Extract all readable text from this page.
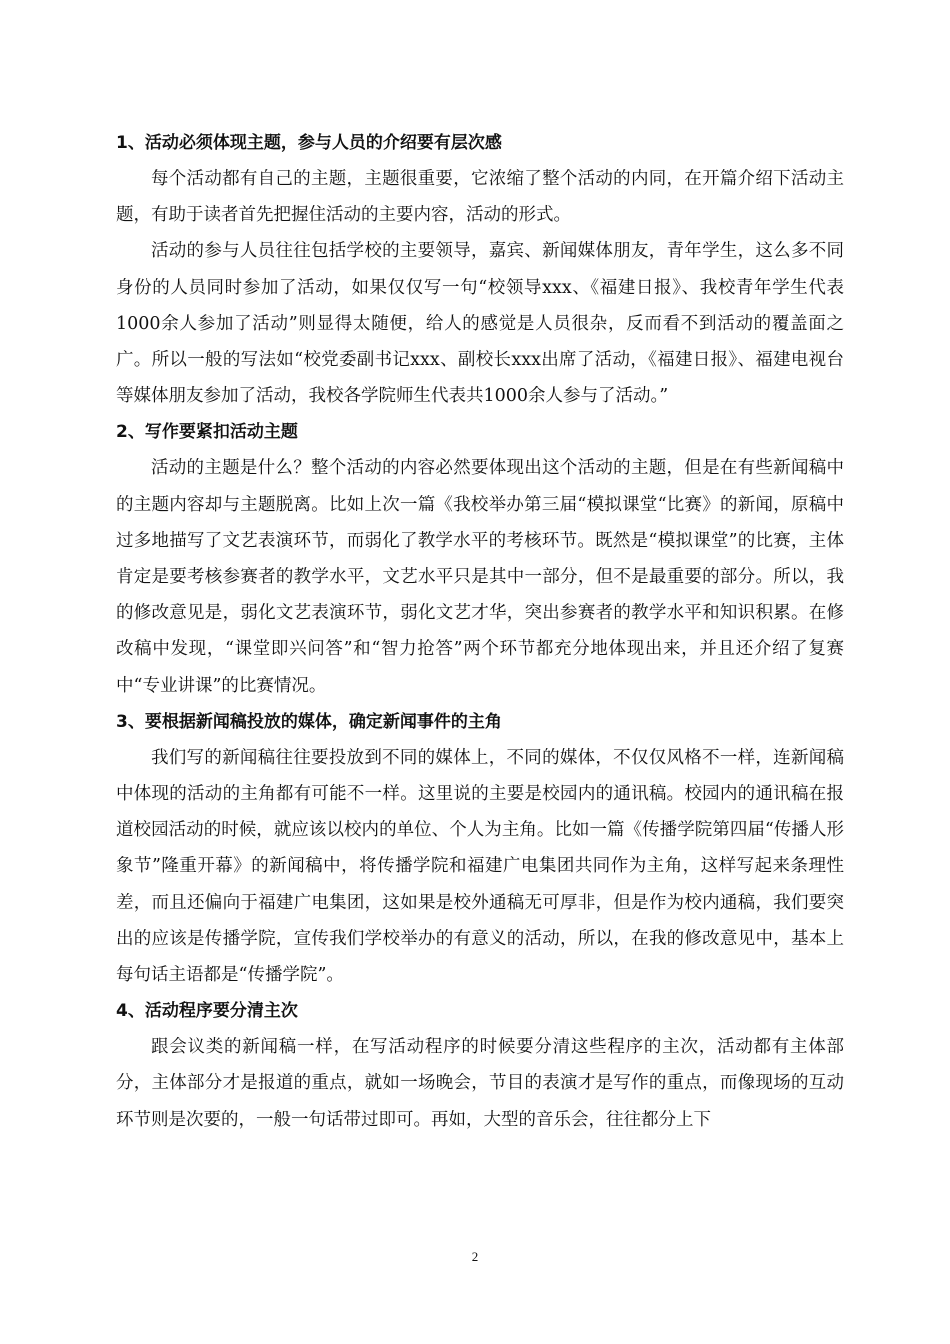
1、活动必须体现主题，参与人员的介绍要有层次感

每个活动都有自己的主题，主题很重要，它浓缩了整个活动的内同，在开篇介绍下活动主题，有助于读者首先把握住活动的主要内容，活动的形式。

活动的参与人员往往包括学校的主要领导，嘉宾、新闻媒体朋友，青年学生，这么多不同身份的人员同时参加了活动，如果仅仅写一句“校领导xxx、《福建日报》、我校青年学生代表1000余人参加了活动”则显得太随便，给人的感觉是人员很杂，反而看不到活动的覆盖面之广。所以一般的写法如“校党委副书记xxx、副校长xxx出席了活动，《福建日报》、福建电视台等媒体朋友参加了活动，我校各学院师生代表共1000余人参与了活动。”

2、写作要紧扣活动主题

活动的主题是什么？整个活动的内容必然要体现出这个活动的主题，但是在有些新闻稿中的主题内容却与主题脱离。比如上次一篇《我校举办第三届“模拟课堂“比赛》的新闻，原稿中过多地描写了文艺表演环节，而弱化了教学水平的考核环节。既然是“模拟课堂”的比赛，主体肯定是要考核参赛者的教学水平，文艺水平只是其中一部分，但不是最重要的部分。所以，我的修改意见是，弱化文艺表演环节，弱化文艺才华，突出参赛者的教学水平和知识积累。在修改稿中发现，“课堂即兴问答”和“智力抢答”两个环节都充分地体现出来，并且还介绍了复赛中“专业讲课”的比赛情况。

3、要根据新闻稿投放的媒体，确定新闻事件的主角

我们写的新闻稿往往要投放到不同的媒体上，不同的媒体，不仅仅风格不一样，连新闻稿中体现的活动的主角都有可能不一样。这里说的主要是校园内的通讯稿。校园内的通讯稿在报道校园活动的时候，就应该以校内的单位、个人为主角。比如一篇《传播学院第四届“传播人形象节”隆重开幕》的新闻稿中，将传播学院和福建广电集团共同作为主角，这样写起来条理性差，而且还偏向于福建广电集团，这如果是校外通稿无可厚非，但是作为校内通稿，我们要突出的应该是传播学院，宣传我们学校举办的有意义的活动，所以，在我的修改意见中，基本上每句话主语都是“传播学院”。

4、活动程序要分清主次

跟会议类的新闻稿一样，在写活动程序的时候要分清这些程序的主次，活动都有主体部分，主体部分才是报道的重点，就如一场晚会，节目的表演才是写作的重点，而像现场的互动环节则是次要的，一般一句话带过即可。再如，大型的音乐会，往往都分上下

2
